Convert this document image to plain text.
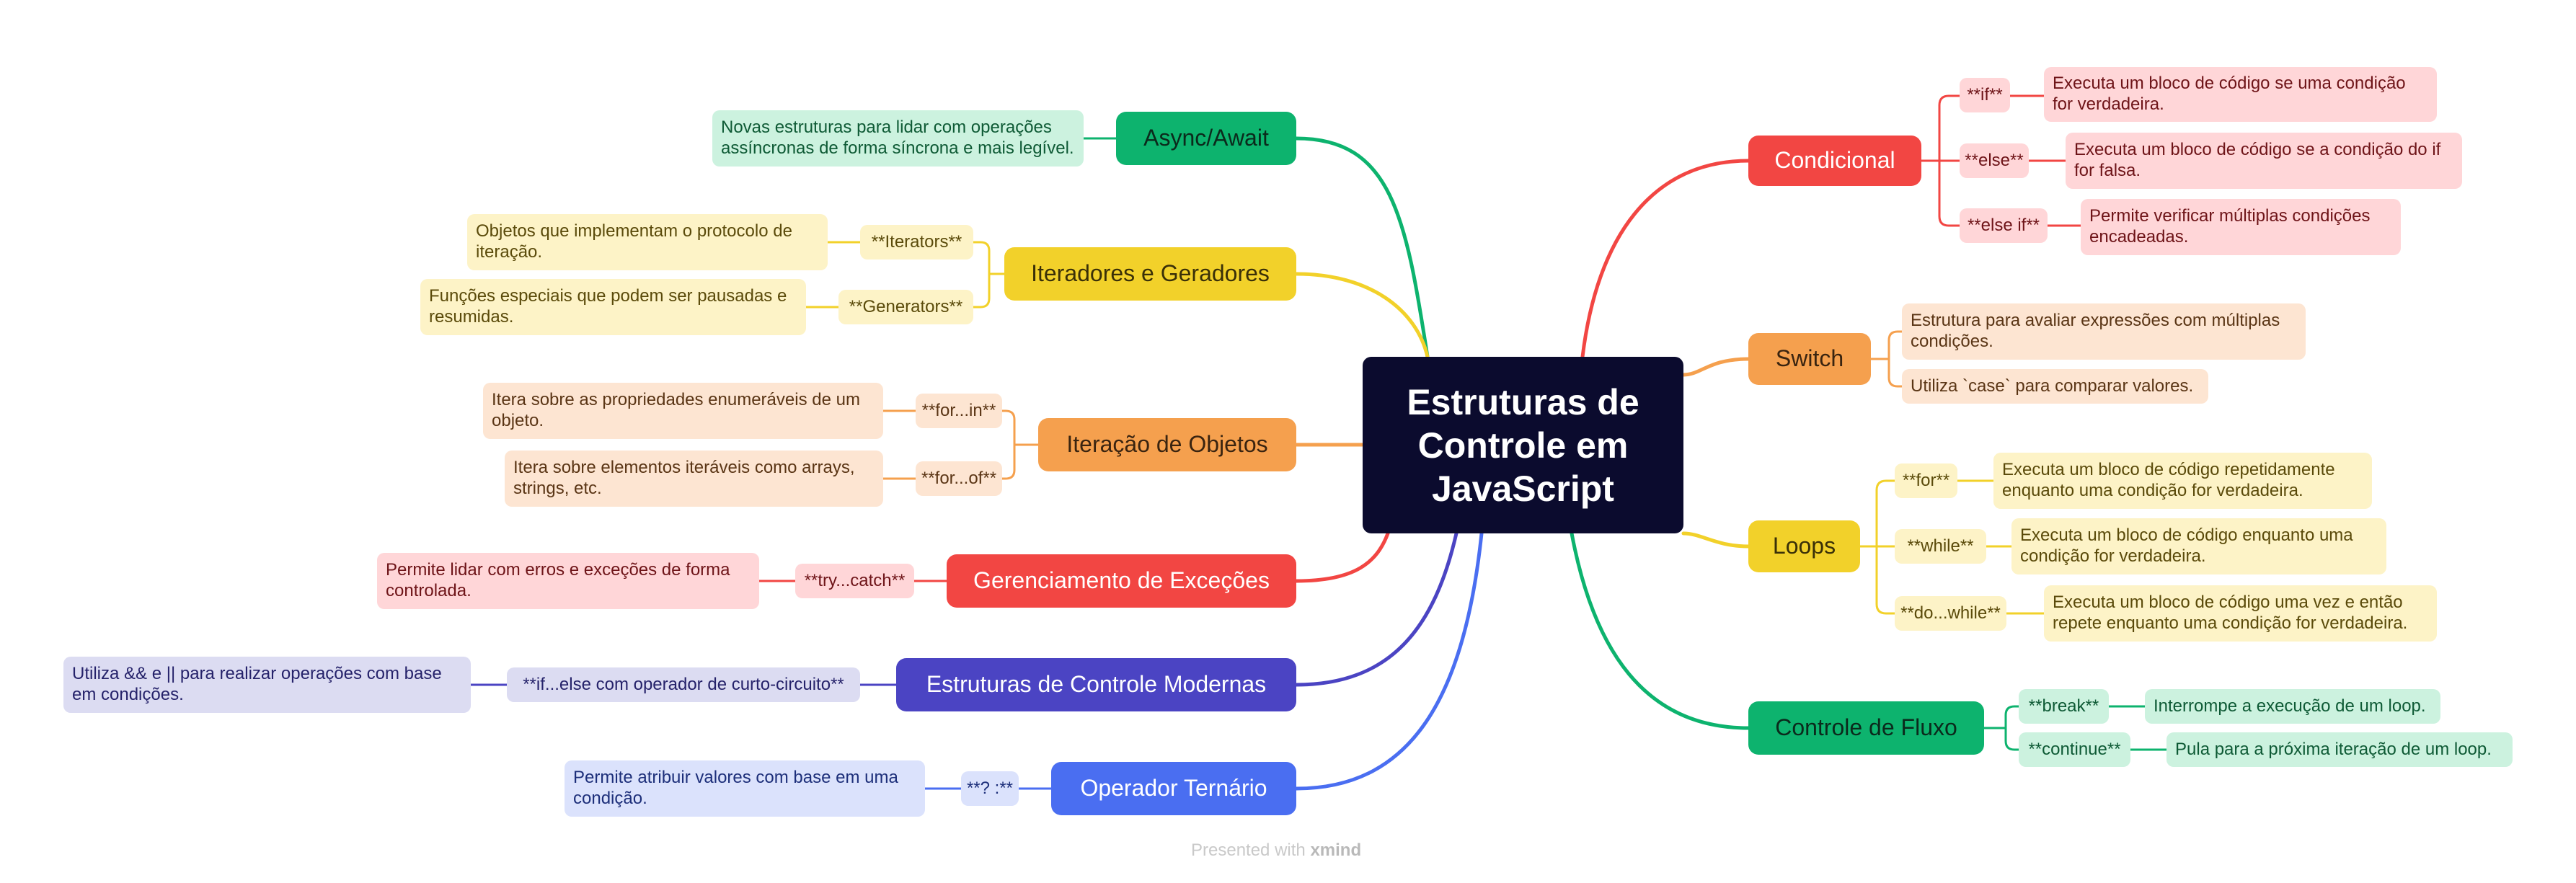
Estruturas de Controle em JavaScript
Condicional
**if**
Executa um bloco de código se uma condição for verdadeira.
**else**
Executa um bloco de código se a condição do if for falsa.
**else if**	Permite verificar múltiplas condições encadeadas.
Switch
Estrutura para avaliar expressões com múltiplas condições.
Utiliza `case` para comparar valores.
Loops
**for**
Executa um bloco de código repetidamente enquanto uma condição for verdadeira.
**while**
Executa um bloco de código enquanto uma condição for verdadeira.
**do...while**
Executa um bloco de código uma vez e então repete enquanto uma condição for verdadeira.
Controle de Fluxo
**break**	Interrompe a execução de um loop.
**continue**	Pula para a próxima iteração de um loop.
Async/Await
Novas estruturas para lidar com operações assíncronas de forma síncrona e mais legível.
Iteradores e Geradores
**Iterators**
Objetos que implementam o protocolo de iteração.
**Generators**
Funções especiais que podem ser pausadas e resumidas.
Iteração de Objetos
**for...in**
Itera sobre as propriedades enumeráveis de um objeto.
**for...of**
Itera sobre elementos iteráveis como arrays, strings, etc.
Gerenciamento de Exceções
**try...catch**
Permite lidar com erros e exceções de forma controlada.
Estruturas de Controle Modernas
**if...else com operador de curto-circuito**
Utiliza && e || para realizar operações com base em condições.
Operador Ternário
**? :**
Permite atribuir valores com base em uma condição.
Presented with xmind
